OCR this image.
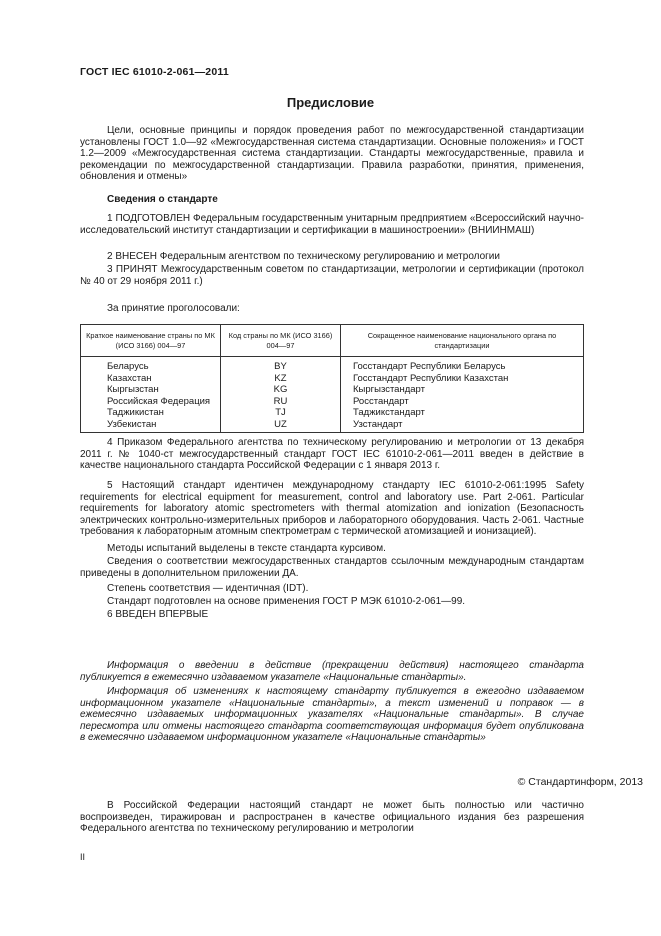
ГОСТ IEC 61010-2-061—2011
Предисловие
Цели, основные принципы и порядок проведения работ по межгосударственной стандартизации установлены ГОСТ 1.0—92 «Межгосударственная система стандартизации. Основные положения» и ГОСТ 1.2—2009 «Межгосударственная система стандартизации. Стандарты межгосударственные, правила и рекомендации по межгосударственной стандартизации. Правила разработки, принятия, применения, обновления и отмены»
Сведения о стандарте
1 ПОДГОТОВЛЕН Федеральным государственным унитарным предприятием «Всероссийский научно-исследовательский институт стандартизации и сертификации в машиностроении» (ВНИИНМАШ)
2 ВНЕСЕН Федеральным агентством по техническому регулированию и метрологии
3 ПРИНЯТ Межгосударственным советом по стандартизации, метрологии и сертификации (протокол № 40 от 29 ноября 2011 г.)
За принятие проголосовали:
Краткое наименование страны по МК (ИСО 3166) 004—97	Код страны по МК (ИСО 3166) 004—97	Сокращенное наименование национального органа по стандартизации
Беларусь	BY	Госстандарт Республики Беларусь
Казахстан	KZ	Госстандарт Республики Казахстан
Кыргызстан	KG	Кыргызстандарт
Российская Федерация	RU	Росстандарт
Таджикистан	TJ	Таджикстандарт
Узбекистан	UZ	Узстандарт
4 Приказом Федерального агентства по техническому регулированию и метрологии от 13 декабря 2011 г. № 1040-ст межгосударственный стандарт ГОСТ IEC 61010-2-061—2011 введен в действие в качестве национального стандарта Российской Федерации с 1 января 2013 г.
5 Настоящий стандарт идентичен международному стандарту IEC 61010-2-061:1995 Safety requirements for electrical equipment for measurement, control and laboratory use. Part 2-061. Particular requirements for laboratory atomic spectrometers with thermal atomization and ionization (Безопасность электрических контрольно-измерительных приборов и лабораторного оборудования. Часть 2-061. Частные требования к лабораторным атомным спектрометрам с термической атомизацией и ионизацией).
Методы испытаний выделены в тексте стандарта курсивом.
Сведения о соответствии межгосударственных стандартов ссылочным международным стандартам приведены в дополнительном приложении ДА.
Степень соответствия — идентичная (IDT).
Стандарт подготовлен на основе применения ГОСТ Р МЭК 61010-2-061—99.
6 ВВЕДЕН ВПЕРВЫЕ
Информация о введении в действие (прекращении действия) настоящего стандарта публикуется в ежемесячно издаваемом указателе «Национальные стандарты».
Информация об изменениях к настоящему стандарту публикуется в ежегодно издаваемом информационном указателе «Национальные стандарты», а текст изменений и поправок — в ежемесячно издаваемых информационных указателях «Национальные стандарты». В случае пересмотра или отмены настоящего стандарта соответствующая информация будет опубликована в ежемесячно издаваемом информационном указателе «Национальные стандарты»
© Стандартинформ, 2013
В Российской Федерации настоящий стандарт не может быть полностью или частично воспроизведен, тиражирован и распространен в качестве официального издания без разрешения Федерального агентства по техническому регулированию и метрологии
II
